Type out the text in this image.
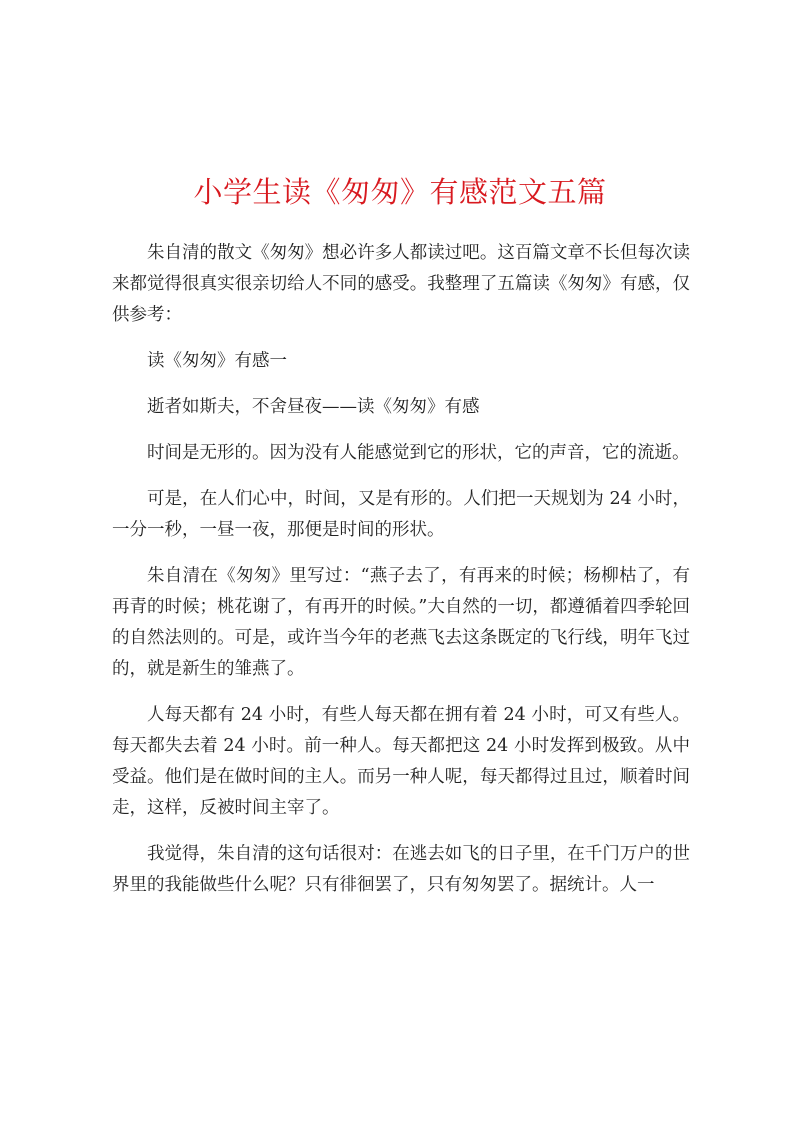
小学生读《匆匆》有感范文五篇

朱自清的散文《匆匆》想必许多人都读过吧。这百篇文章不长但每次读来都觉得很真实很亲切给人不同的感受。我整理了五篇读《匆匆》有感，仅供参考：

读《匆匆》有感一

逝者如斯夫，不舍昼夜——读《匆匆》有感

时间是无形的。因为没有人能感觉到它的形状，它的声音，它的流逝。

可是，在人们心中，时间，又是有形的。人们把一天规划为 24 小时，一分一秒，一昼一夜，那便是时间的形状。

朱自清在《匆匆》里写过：“燕子去了，有再来的时候；杨柳枯了，有再青的时候；桃花谢了，有再开的时候。”大自然的一切，都遵循着四季轮回的自然法则的。可是，或许当今年的老燕飞去这条既定的飞行线，明年飞过的，就是新生的雏燕了。

人每天都有 24 小时，有些人每天都在拥有着 24 小时，可又有些人。每天都失去着 24 小时。前一种人。每天都把这 24 小时发挥到极致。从中受益。他们是在做时间的主人。而另一种人呢，每天都得过且过，顺着时间走，这样，反被时间主宰了。

我觉得，朱自清的这句话很对：在逃去如飞的日子里，在千门万户的世界里的我能做些什么呢？只有徘徊罢了，只有匆匆罢了。据统计。人一
